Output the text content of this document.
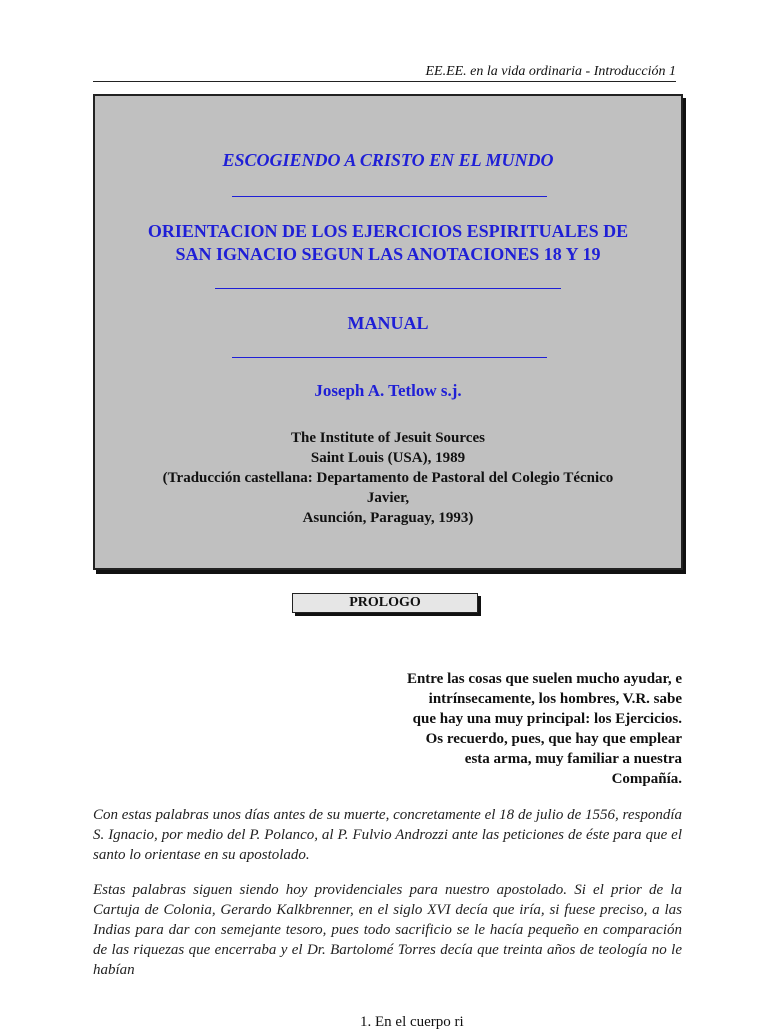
EE.EE. en la vida ordinaria - Introducción 1
ESCOGIENDO A CRISTO EN EL MUNDO
ORIENTACION DE LOS EJERCICIOS ESPIRITUALES DE
SAN IGNACIO SEGUN LAS ANOTACIONES 18 Y 19
MANUAL
Joseph A. Tetlow s.j.
The Institute of Jesuit Sources
Saint Louis (USA), 1989
(Traducción castellana: Departamento de Pastoral del Colegio Técnico
Javier,
Asunción, Paraguay, 1993)
PROLOGO
Entre las cosas que suelen mucho ayudar, e
intrínsecamente, los hombres, V.R. sabe
que hay una muy principal: los Ejercicios.
Os recuerdo, pues, que hay que emplear
esta arma, muy familiar a nuestra
Compañía.
Con estas palabras unos días antes de su muerte, concretamente el 18 de julio de 1556, respondía S. Ignacio, por medio del P. Polanco, al P. Fulvio Androzzi ante las peticiones de éste para que el santo lo orientase en su apostolado.
Estas palabras siguen siendo hoy providenciales para nuestro apostolado. Si el prior de la Cartuja de Colonia, Gerardo Kalkbrenner, en el siglo XVI decía que iría, si fuese preciso, a las Indias para dar con semejante tesoro, pues todo sacrificio se le hacía pequeño en comparación de las riquezas que encerraba y el Dr. Bartolomé Torres decía que treinta años de teología no le habían
1. En el cuerpo ri
